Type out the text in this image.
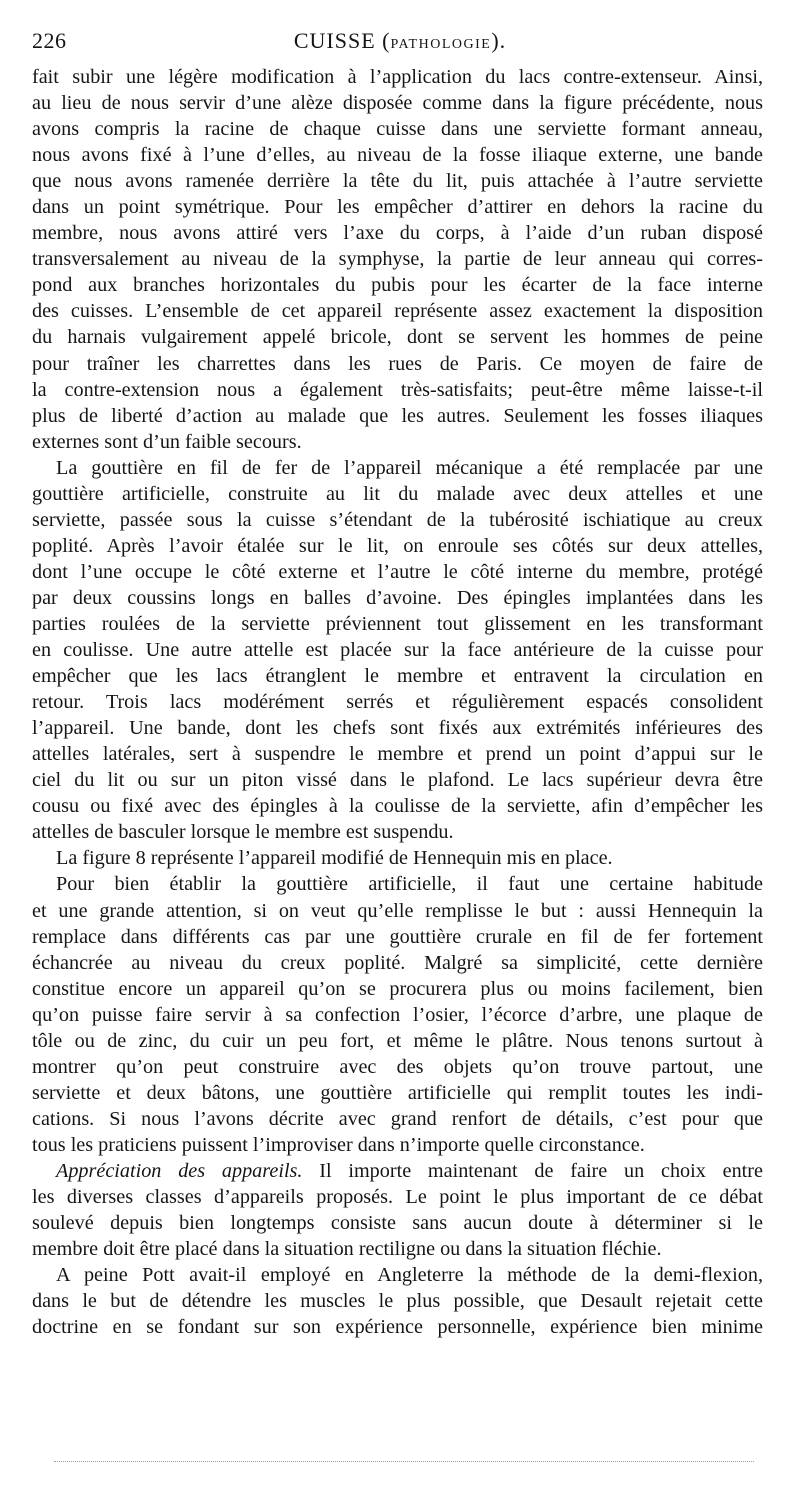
226	CUISSE (PATHOLOGIE).
fait subir une légère modification à l’application du lacs contre-extenseur. Ainsi,
au lieu de nous servir d’une alèze disposée comme dans la figure précédente, nous
avons compris la racine de chaque cuisse dans une serviette formant anneau,
nous avons fixé à l’une d’elles, au niveau de la fosse iliaque externe, une bande
que nous avons ramenée derrière la tête du lit, puis attachée à l’autre serviette
dans un point symétrique. Pour les empêcher d’attirer en dehors la racine du
membre, nous avons attiré vers l’axe du corps, à l’aide d’un ruban disposé
transversalement au niveau de la symphyse, la partie de leur anneau qui corres-
pond aux branches horizontales du pubis pour les écarter de la face interne
des cuisses. L’ensemble de cet appareil représente assez exactement la disposition
du harnais vulgairement appelé bricole, dont se servent les hommes de peine
pour traîner les charrettes dans les rues de Paris. Ce moyen de faire de
la contre-extension nous a également très-satisfaits; peut-être même laisse-t-il
plus de liberté d’action au malade que les autres. Seulement les fosses iliaques
externes sont d’un faible secours.
La gouttière en fil de fer de l’appareil mécanique a été remplacée par une
gouttière artificielle, construite au lit du malade avec deux attelles et une
serviette, passée sous la cuisse s’étendant de la tubérosité ischiatique au creux
poplité. Après l’avoir étalée sur le lit, on enroule ses côtés sur deux attelles,
dont l’une occupe le côté externe et l’autre le côté interne du membre, protégé
par deux coussins longs en balles d’avoine. Des épingles implantées dans les
parties roulées de la serviette préviennent tout glissement en les transformant
en coulisse. Une autre attelle est placée sur la face antérieure de la cuisse pour
empêcher que les lacs étranglent le membre et entravent la circulation en
retour. Trois lacs modérément serrés et régulièrement espacés consolident
l’appareil. Une bande, dont les chefs sont fixés aux extrémités inférieures des
attelles latérales, sert à suspendre le membre et prend un point d’appui sur le
ciel du lit ou sur un piton vissé dans le plafond. Le lacs supérieur devra être
cousu ou fixé avec des épingles à la coulisse de la serviette, afin d’empêcher les
attelles de basculer lorsque le membre est suspendu.
La figure 8 représente l’appareil modifié de Hennequin mis en place.
Pour bien établir la gouttière artificielle, il faut une certaine habitude
et une grande attention, si on veut qu’elle remplisse le but : aussi Hennequin la
remplace dans différents cas par une gouttière crurale en fil de fer fortement
échancrée au niveau du creux poplité. Malgré sa simplicité, cette dernière
constitue encore un appareil qu’on se procurera plus ou moins facilement, bien
qu’on puisse faire servir à sa confection l’osier, l’écorce d’arbre, une plaque de
tôle ou de zinc, du cuir un peu fort, et même le plâtre. Nous tenons surtout à
montrer qu’on peut construire avec des objets qu’on trouve partout, une
serviette et deux bâtons, une gouttière artificielle qui remplit toutes les indi-
cations. Si nous l’avons décrite avec grand renfort de détails, c’est pour que
tous les praticiens puissent l’improviser dans n’importe quelle circonstance.
Appréciation des appareils. Il importe maintenant de faire un choix entre
les diverses classes d’appareils proposés. Le point le plus important de ce débat
soulevé depuis bien longtemps consiste sans aucun doute à déterminer si le
membre doit être placé dans la situation rectiligne ou dans la situation fléchie.
A peine Pott avait-il employé en Angleterre la méthode de la demi-flexion,
dans le but de détendre les muscles le plus possible, que Desault rejetait cette
doctrine en se fondant sur son expérience personnelle, expérience bien minime
